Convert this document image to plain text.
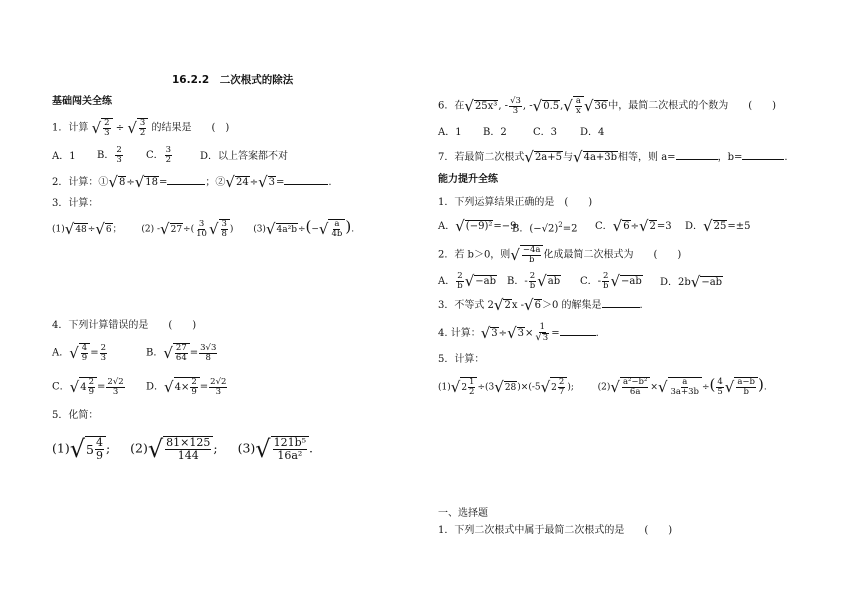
16.2.2　二次根式的除法
基础闯关全练
1．计算 √ 2
3 ÷ √ 3
2 的结果是　　(　)
A．1 B． $\frac{2}{3}$ C． $\frac{3}{2}$	D．以上答案都不对
2．计算：① √ 8 ÷ √ 18 =	；② √ 24 ÷ √ 3 =	.
3．计算：
(1) √ 48 ÷ √ 6 ； (2) - √ 27 ÷( $\frac{3}{10}$ √ 3
8 ) (3) √ 4a²b ÷(− √ a
4b ).
4．下列计算错误的是　　(　　)
A． √ 4
$9 = \frac{2}{3}$	B． √ 27
$64 = \frac{3√3}{8}$
C． √ 4 2
$9 = \frac{2√2}{3}$ D． √ $4\times \frac{2}{9} = \frac{2√2}{3}$
5．化简：
(1) √ 5 4
9 ; (2) √ 81×125
144 ; (3) √ 121b⁵
16a² .
6．在 √ 25x³ , - $\frac{√3}{3}$ , - √ 0.5 , √ a
x √ 36 中，最简二次根式的个数为　　(　　)
A．1 B．2	C．3 D．4
7．若最简二次根式 √ 2a+5 与 √ 4a+3b 相等，则 a=	，b=	.
能力提升全练
1．下列运算结果正确的是　(　　)
A． √ (−9)² =−9
B．$(-√2)^2=2$ C． √ 6 ÷ √ 2 =3 D． √ 25 =±5
2．若 b＞0，则 √ −4a
b 化成最简二次根式为　　(　　)
A． $\frac{2}{b}$ √ −ab B．- $\frac{2}{b}$ √ ab C．- $\frac{2}{b}$ √ −ab D．2b √ −ab
3．不等式 2 √ 2 x - √ 6 ＞0 的解集是	.
4. 计算： √ 3 ÷ √ $3 \times \frac{1}{√ 3}$ =	.
5．计算：
(1) √ 2
1
2 ÷(3 √ 28 )×(-5 √ 2
2
7 );	(2) √ a²−b²
6a × √ a
3a+3b ÷( $\frac{4}{5}$ √ a−b
b ).
一、选择题
1．下列二次根式中属于最简二次根式的是　　(　　)
